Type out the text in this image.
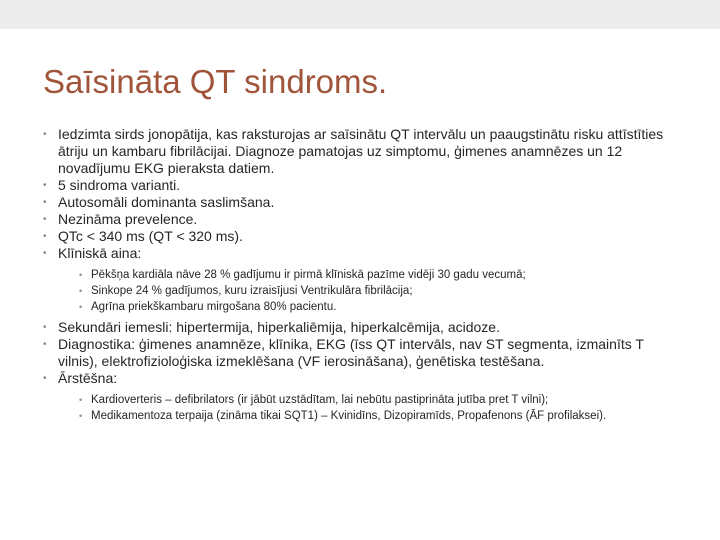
Saīsināta QT sindroms.
• Iedzimta sirds jonopātija, kas raksturojas ar saīsinātu QT intervālu un paaugstinātu risku attīstīties ātriju un kambaru fibrilācijai. Diagnoze pamatojas uz simptomu, ģimenes anamnēzes un 12 novadījumu EKG pieraksta datiem.
• 5 sindroma varianti.
• Autosomāli dominanta saslimšana.
• Nezināma prevelence.
• QTc < 340 ms (QT < 320 ms).
• Klīniskā aina:
• Pēkšņa kardiāla nāve 28 % gadījumu ir pirmā klīniskā pazīme vidēji 30 gadu vecumā;
• Sinkope 24 % gadījumos, kuru izraisījusi Ventrikulāra fibrilācija;
• Agrīna priekškambaru mirgošana 80% pacientu.
• Sekundāri iemesli: hipertermija, hiperkaliēmija, hiperkalcēmija, acidoze.
• Diagnostika: ģimenes anamnēze, klīnika, EKG (īss QT intervāls, nav ST segmenta, izmainīts T vilnis), elektrofizioloģiska izmeklēšana (VF ierosināšana), ģenētiska testēšana.
• Ārstēšna:
• Kardioverteris – defibrilators (ir jābūt uzstādītam, lai nebūtu pastiprināta jutība pret T vilni);
• Medikamentoza terpaija (zināma tikai SQT1) – Kvinidīns, Dizopiramīds, Propafenons (ĀF profilaksei).
